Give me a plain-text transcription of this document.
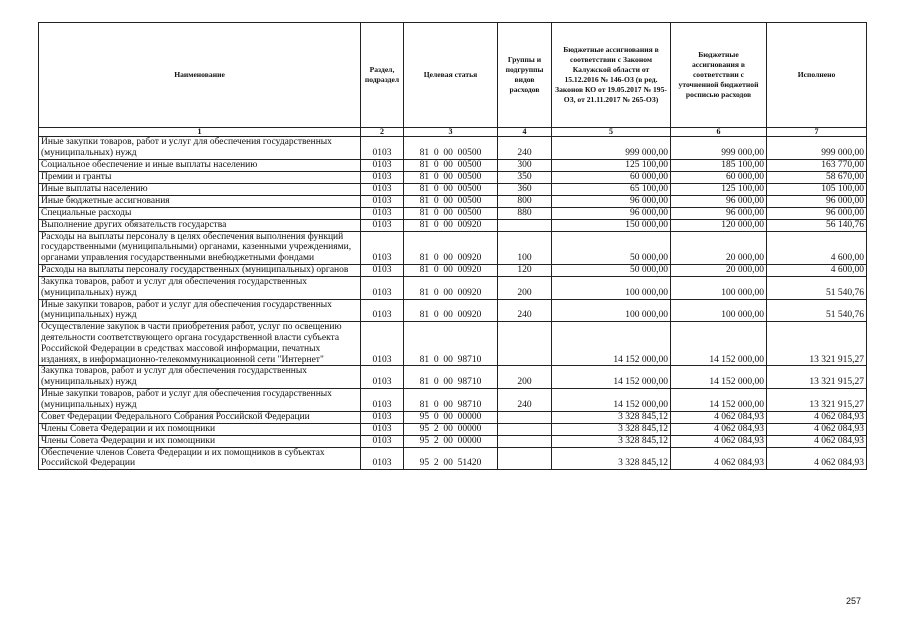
Наименование	Раздел, подраздел	Целевая статья	Группы и подгруппы видов расходов	Бюджетные ассигнования в соответствии с Законом Калужской области от 15.12.2016 № 146-ОЗ (в ред. Законов КО от 19.05.2017 № 195-ОЗ, от 21.11.2017 № 265-ОЗ)	Бюджетные ассигнования в соответствии с уточненной бюджетной росписью расходов	Исполнено
1	2	3	4	5	6	7
Иные закупки товаров, работ и услуг для обеспечения государственных (муниципальных) нужд	0103	81  0  00  00500	240	999 000,00	999 000,00	999 000,00
Социальное обеспечение и иные выплаты населению	0103	81  0  00  00500	300	125 100,00	185 100,00	163 770,00
Премии и гранты	0103	81  0  00  00500	350	60 000,00	60 000,00	58 670,00
Иные выплаты населению	0103	81  0  00  00500	360	65 100,00	125 100,00	105 100,00
Иные бюджетные ассигнования	0103	81  0  00  00500	800	96 000,00	96 000,00	96 000,00
Специальные расходы	0103	81  0  00  00500	880	96 000,00	96 000,00	96 000,00
Выполнение других обязательств государства	0103	81  0  00  00920		150 000,00	120 000,00	56 140,76
Расходы на выплаты персоналу в целях обеспечения выполнения функций государственными (муниципальными) органами, казенными учреждениями, органами управления государственными внебюджетными фондами	0103	81  0  00  00920	100	50 000,00	20 000,00	4 600,00
Расходы на выплаты персоналу государственных (муниципальных) органов	0103	81  0  00  00920	120	50 000,00	20 000,00	4 600,00
Закупка товаров, работ и услуг для обеспечения государственных (муниципальных) нужд	0103	81  0  00  00920	200	100 000,00	100 000,00	51 540,76
Иные закупки товаров, работ и услуг для обеспечения государственных (муниципальных) нужд	0103	81  0  00  00920	240	100 000,00	100 000,00	51 540,76
Осуществление закупок в части приобретения работ, услуг по освещению деятельности соответствующего органа государственной власти субъекта Российской Федерации в средствах массовой информации, печатных изданиях, в информационно-телекоммуникационной сети "Интернет"	0103	81  0  00  98710		14 152 000,00	14 152 000,00	13 321 915,27
Закупка товаров, работ и услуг для обеспечения государственных (муниципальных) нужд	0103	81  0  00  98710	200	14 152 000,00	14 152 000,00	13 321 915,27
Иные закупки товаров, работ и услуг для обеспечения государственных (муниципальных) нужд	0103	81  0  00  98710	240	14 152 000,00	14 152 000,00	13 321 915,27
Совет Федерации Федерального Собрания Российской Федерации	0103	95  0  00  00000		3 328 845,12	4 062 084,93	4 062 084,93
Члены Совета Федерации и их помощники	0103	95  2  00  00000		3 328 845,12	4 062 084,93	4 062 084,93
Члены Совета Федерации и их помощники	0103	95  2  00  00000		3 328 845,12	4 062 084,93	4 062 084,93
Обеспечение членов Совета Федерации и их помощников в субъектах Российской Федерации	0103	95  2  00  51420		3 328 845,12	4 062 084,93	4 062 084,93
257
